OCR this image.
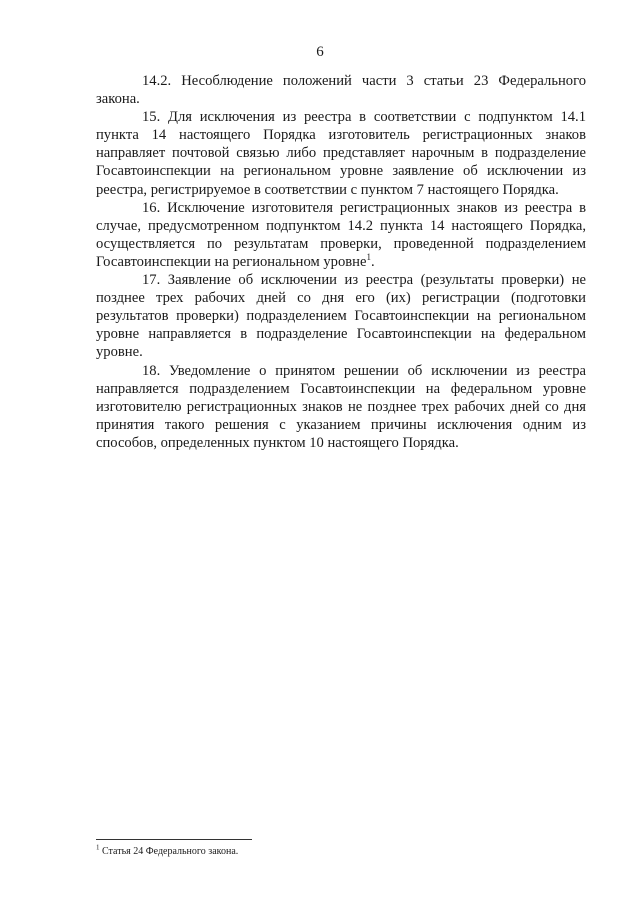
6

14.2. Несоблюдение положений части 3 статьи 23 Федерального закона.

15. Для исключения из реестра в соответствии с подпунктом 14.1 пункта 14 настоящего Порядка изготовитель регистрационных знаков направляет почтовой связью либо представляет нарочным в подразделение Госавтоинспекции на региональном уровне заявление об исключении из реестра, регистрируемое в соответствии с пунктом 7 настоящего Порядка.

16. Исключение изготовителя регистрационных знаков из реестра в случае, предусмотренном подпунктом 14.2 пункта 14 настоящего Порядка, осуществляется по результатам проверки, проведенной подразделением Госавтоинспекции на региональном уровне$^1$.

17. Заявление об исключении из реестра (результаты проверки) не позднее трех рабочих дней со дня его (их) регистрации (подготовки результатов проверки) подразделением Госавтоинспекции на региональном уровне направляется в подразделение Госавтоинспекции на федеральном уровне.

18. Уведомление о принятом решении об исключении из реестра направляется подразделением Госавтоинспекции на федеральном уровне изготовителю регистрационных знаков не позднее трех рабочих дней со дня принятия такого решения с указанием причины исключения одним из способов, определенных пунктом 10 настоящего Порядка.

$^1$ Статья 24 Федерального закона.
